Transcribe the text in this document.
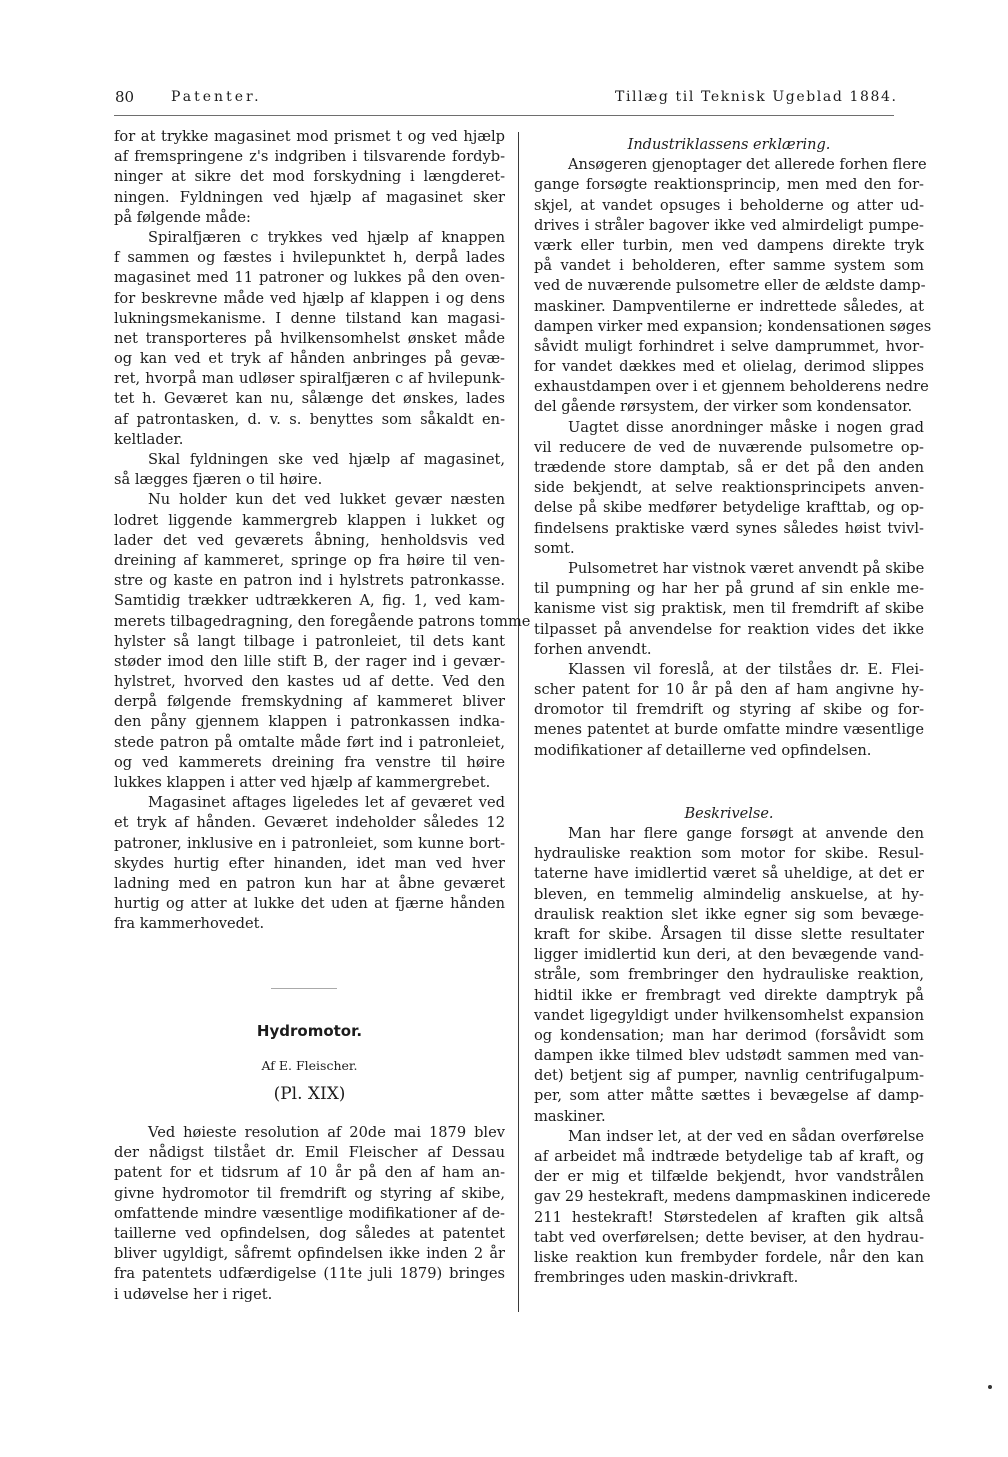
80	Patenter.	Tillæg til Teknisk Ugeblad 1884.
for at trykke magasinet mod prismet t og ved hjælp
af fremspringene z's indgriben i tilsvarende fordyb-
ninger at sikre det mod forskydning i længderet-
ningen. Fyldningen ved hjælp af magasinet sker
på følgende måde:
Spiralfjæren c trykkes ved hjælp af knappen
f sammen og fæstes i hvilepunktet h, derpå lades
magasinet med 11 patroner og lukkes på den oven-
for beskrevne måde ved hjælp af klappen i og dens
lukningsmekanisme. I denne tilstand kan magasi-
net transporteres på hvilkensomhelst ønsket måde
og kan ved et tryk af hånden anbringes på gevæ-
ret, hvorpå man udløser spiralfjæren c af hvilepunk-
tet h. Geværet kan nu, sålænge det ønskes, lades
af patrontasken, d. v. s. benyttes som såkaldt en-
keltlader.
Skal fyldningen ske ved hjælp af magasinet,
så lægges fjæren o til høire.
Nu holder kun det ved lukket gevær næsten
lodret liggende kammergreb klappen i lukket og
lader det ved geværets åbning, henholdsvis ved
dreining af kammeret, springe op fra høire til ven-
stre og kaste en patron ind i hylstrets patronkasse.
Samtidig trækker udtrækkeren A, fig. 1, ved kam-
merets tilbagedragning, den foregående patrons tomme
hylster så langt tilbage i patronleiet, til dets kant
støder imod den lille stift B, der rager ind i gevær-
hylstret, hvorved den kastes ud af dette. Ved den
derpå følgende fremskydning af kammeret bliver
den påny gjennem klappen i patronkassen indka-
stede patron på omtalte måde ført ind i patronleiet,
og ved kammerets dreining fra venstre til høire
lukkes klappen i atter ved hjælp af kammergrebet.
Magasinet aftages ligeledes let af geværet ved
et tryk af hånden. Geværet indeholder således 12
patroner, inklusive en i patronleiet, som kunne bort-
skydes hurtig efter hinanden, idet man ved hver
ladning med en patron kun har at åbne geværet
hurtig og atter at lukke det uden at fjærne hånden
fra kammerhovedet.
Hydromotor.
Af E. Fleischer.
(Pl. XIX)
Ved høieste resolution af 20de mai 1879 blev
der nådigst tilstået dr. Emil Fleischer af Dessau
patent for et tidsrum af 10 år på den af ham an-
givne hydromotor til fremdrift og styring af skibe,
omfattende mindre væsentlige modifikationer af de-
taillerne ved opfindelsen, dog således at patentet
bliver ugyldigt, såfremt opfindelsen ikke inden 2 år
fra patentets udfærdigelse (11te juli 1879) bringes
i udøvelse her i riget.
Industriklassens erklæring.
Ansøgeren gjenoptager det allerede forhen flere
gange forsøgte reaktionsprincip, men med den for-
skjel, at vandet opsuges i beholderne og atter ud-
drives i stråler bagover ikke ved almirdeligt pumpe-
værk eller turbin, men ved dampens direkte tryk
på vandet i beholderen, efter samme system som
ved de nuværende pulsometre eller de ældste damp-
maskiner. Dampventilerne er indrettede således, at
dampen virker med expansion; kondensationen søges
såvidt muligt forhindret i selve damprummet, hvor-
for vandet dækkes med et olielag, derimod slippes
exhaustdampen over i et gjennem beholderens nedre
del gående rørsystem, der virker som kondensator.
Uagtet disse anordninger måske i nogen grad
vil reducere de ved de nuværende pulsometre op-
trædende store damptab, så er det på den anden
side bekjendt, at selve reaktionsprincipets anven-
delse på skibe medfører betydelige krafttab, og op-
findelsens praktiske værd synes således høist tvivl-
somt.
Pulsometret har vistnok været anvendt på skibe
til pumpning og har her på grund af sin enkle me-
kanisme vist sig praktisk, men til fremdrift af skibe
tilpasset på anvendelse for reaktion vides det ikke
forhen anvendt.
Klassen vil foreslå, at der tilståes dr. E. Flei-
scher patent for 10 år på den af ham angivne hy-
dromotor til fremdrift og styring af skibe og for-
menes patentet at burde omfatte mindre væsentlige
modifikationer af detaillerne ved opfindelsen.
Beskrivelse.
Man har flere gange forsøgt at anvende den
hydrauliske reaktion som motor for skibe. Resul-
taterne have imidlertid været så uheldige, at det er
bleven, en temmelig almindelig anskuelse, at hy-
draulisk reaktion slet ikke egner sig som bevæge-
kraft for skibe. Årsagen til disse slette resultater
ligger imidlertid kun deri, at den bevægende vand-
stråle, som frembringer den hydrauliske reaktion,
hidtil ikke er frembragt ved direkte damptryk på
vandet ligegyldigt under hvilkensomhelst expansion
og kondensation; man har derimod (forsåvidt som
dampen ikke tilmed blev udstødt sammen med van-
det) betjent sig af pumper, navnlig centrifugalpum-
per, som atter måtte sættes i bevægelse af damp-
maskiner.
Man indser let, at der ved en sådan overførelse
af arbeidet må indtræde betydelige tab af kraft, og
der er mig et tilfælde bekjendt, hvor vandstrålen
gav 29 hestekraft, medens dampmaskinen indicerede
211 hestekraft! Størstedelen af kraften gik altså
tabt ved overførelsen; dette beviser, at den hydrau-
liske reaktion kun frembyder fordele, når den kan
frembringes uden maskin-drivkraft.
